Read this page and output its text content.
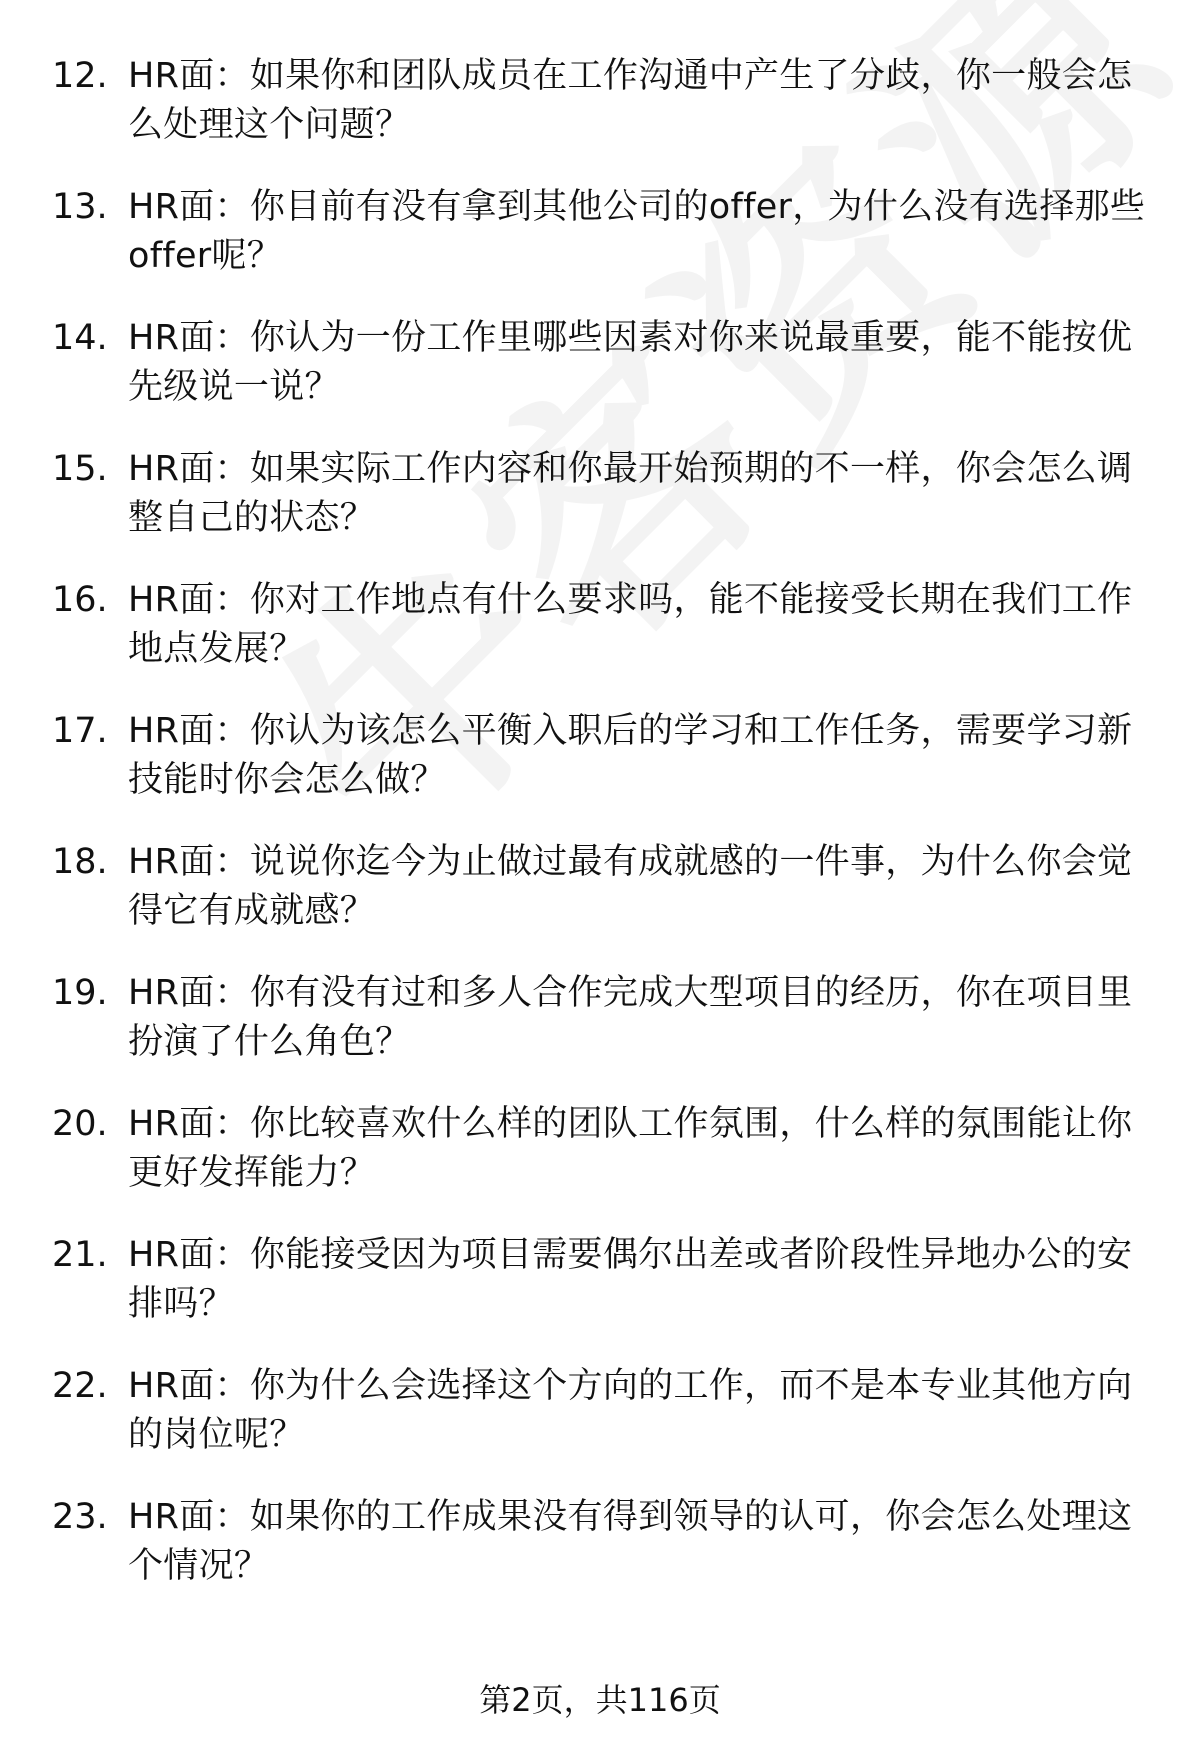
12. HR面：如果你和团队成员在工作沟通中产生了分歧，你一般会怎么处理这个问题？
13. HR面：你目前有没有拿到其他公司的offer，为什么没有选择那些offer呢？
14. HR面：你认为一份工作里哪些因素对你来说最重要，能不能按优先级说一说？
15. HR面：如果实际工作内容和你最开始预期的不一样，你会怎么调整自己的状态？
16. HR面：你对工作地点有什么要求吗，能不能接受长期在我们工作地点发展？
17. HR面：你认为该怎么平衡入职后的学习和工作任务，需要学习新技能时你会怎么做？
18. HR面：说说你迄今为止做过最有成就感的一件事，为什么你会觉得它有成就感？
19. HR面：你有没有过和多人合作完成大型项目的经历，你在项目里扮演了什么角色？
20. HR面：你比较喜欢什么样的团队工作氛围，什么样的氛围能让你更好发挥能力？
21. HR面：你能接受因为项目需要偶尔出差或者阶段性异地办公的安排吗？
22. HR面：你为什么会选择这个方向的工作，而不是本专业其他方向的岗位呢？
23. HR面：如果你的工作成果没有得到领导的认可，你会怎么处理这个情况？
第2页，共116页
